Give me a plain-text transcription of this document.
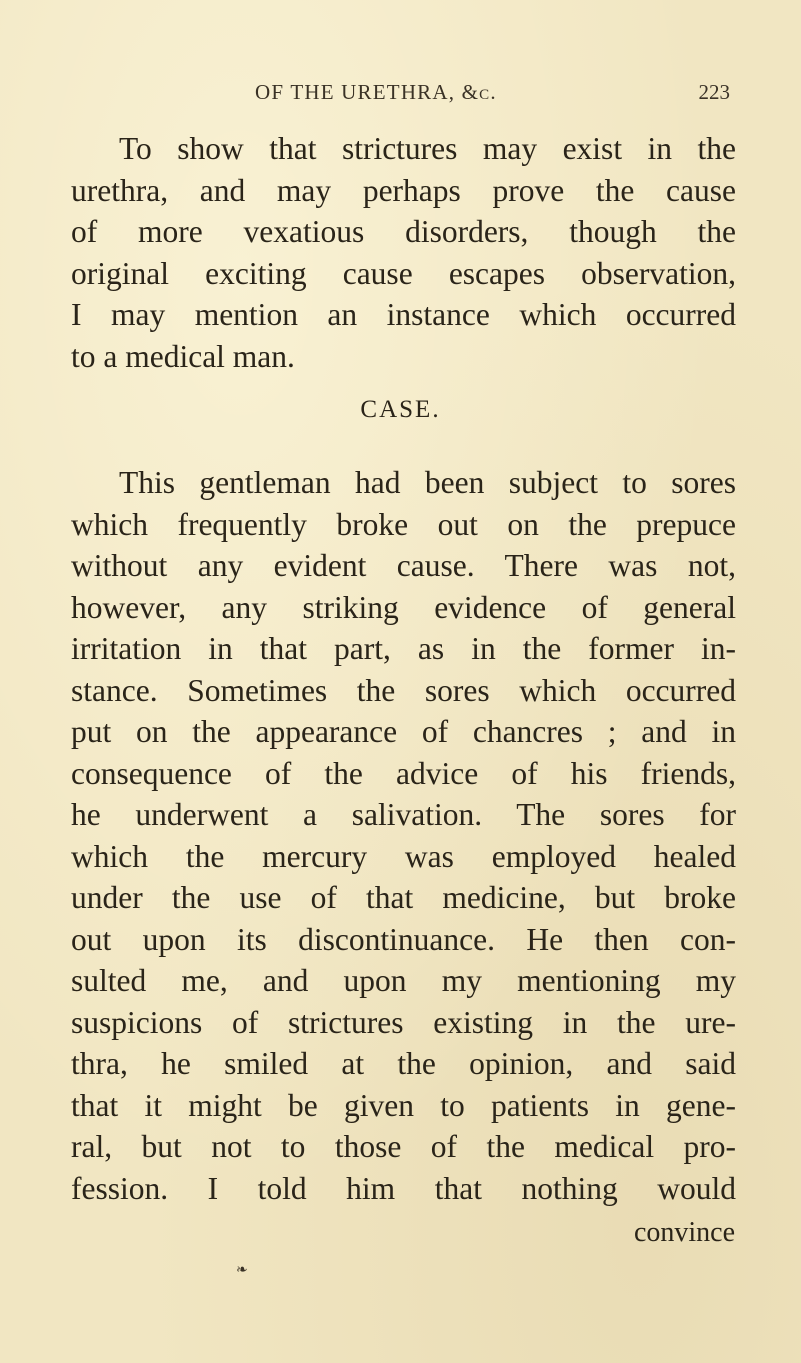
OF THE URETHRA, &c.	223
To show that strictures may exist in the
urethra, and may perhaps prove the cause
of more vexatious disorders, though the
original exciting cause escapes observation,
I may mention an instance which occurred
to a medical man.
CASE.
This gentleman had been subject to sores
which frequently broke out on the prepuce
without any evident cause. There was not,
however, any striking evidence of general
irritation in that part, as in the former in-
stance. Sometimes the sores which occurred
put on the appearance of chancres ; and in
consequence of the advice of his friends,
he underwent a salivation. The sores for
which the mercury was employed healed
under the use of that medicine, but broke
out upon its discontinuance. He then con-
sulted me, and upon my mentioning my
suspicions of strictures existing in the ure-
thra, he smiled at the opinion, and said
that it might be given to patients in gene-
ral, but not to those of the medical pro-
fession. I told him that nothing would
convince
❧
